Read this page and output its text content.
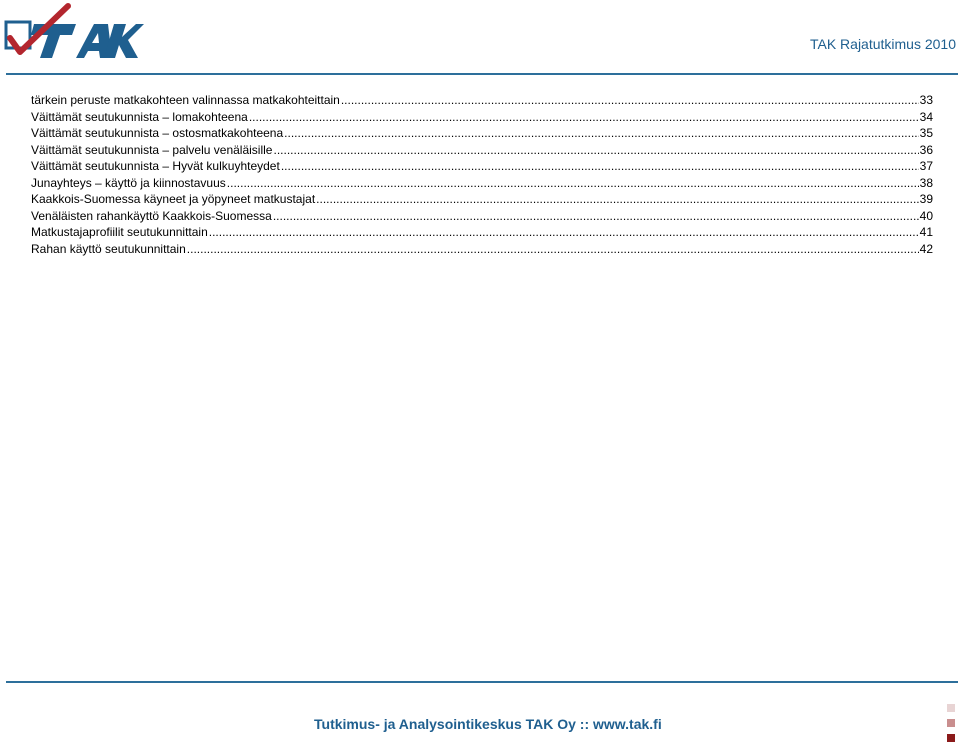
TAK Rajatutkimus 2010
tärkein peruste matkakohteen valinnassa matkakohteittain .....	33
Väittämät seutukunnista – lomakohteena .....	34
Väittämät seutukunnista – ostosmatkakohteena .....	35
Väittämät seutukunnista – palvelu venäläisille .....	36
Väittämät seutukunnista – Hyvät kulkuyhteydet .....	37
Junayhteys – käyttö ja kiinnostavuus .....	38
Kaakkois-Suomessa käyneet ja yöpyneet matkustajat .....	39
Venäläisten rahankäyttö Kaakkois-Suomessa .....	40
Matkustajaprofiilit seutukunnittain .....	41
Rahan käyttö seutukunnittain .....	42
Tutkimus- ja Analysointikeskus TAK Oy :: www.tak.fi
